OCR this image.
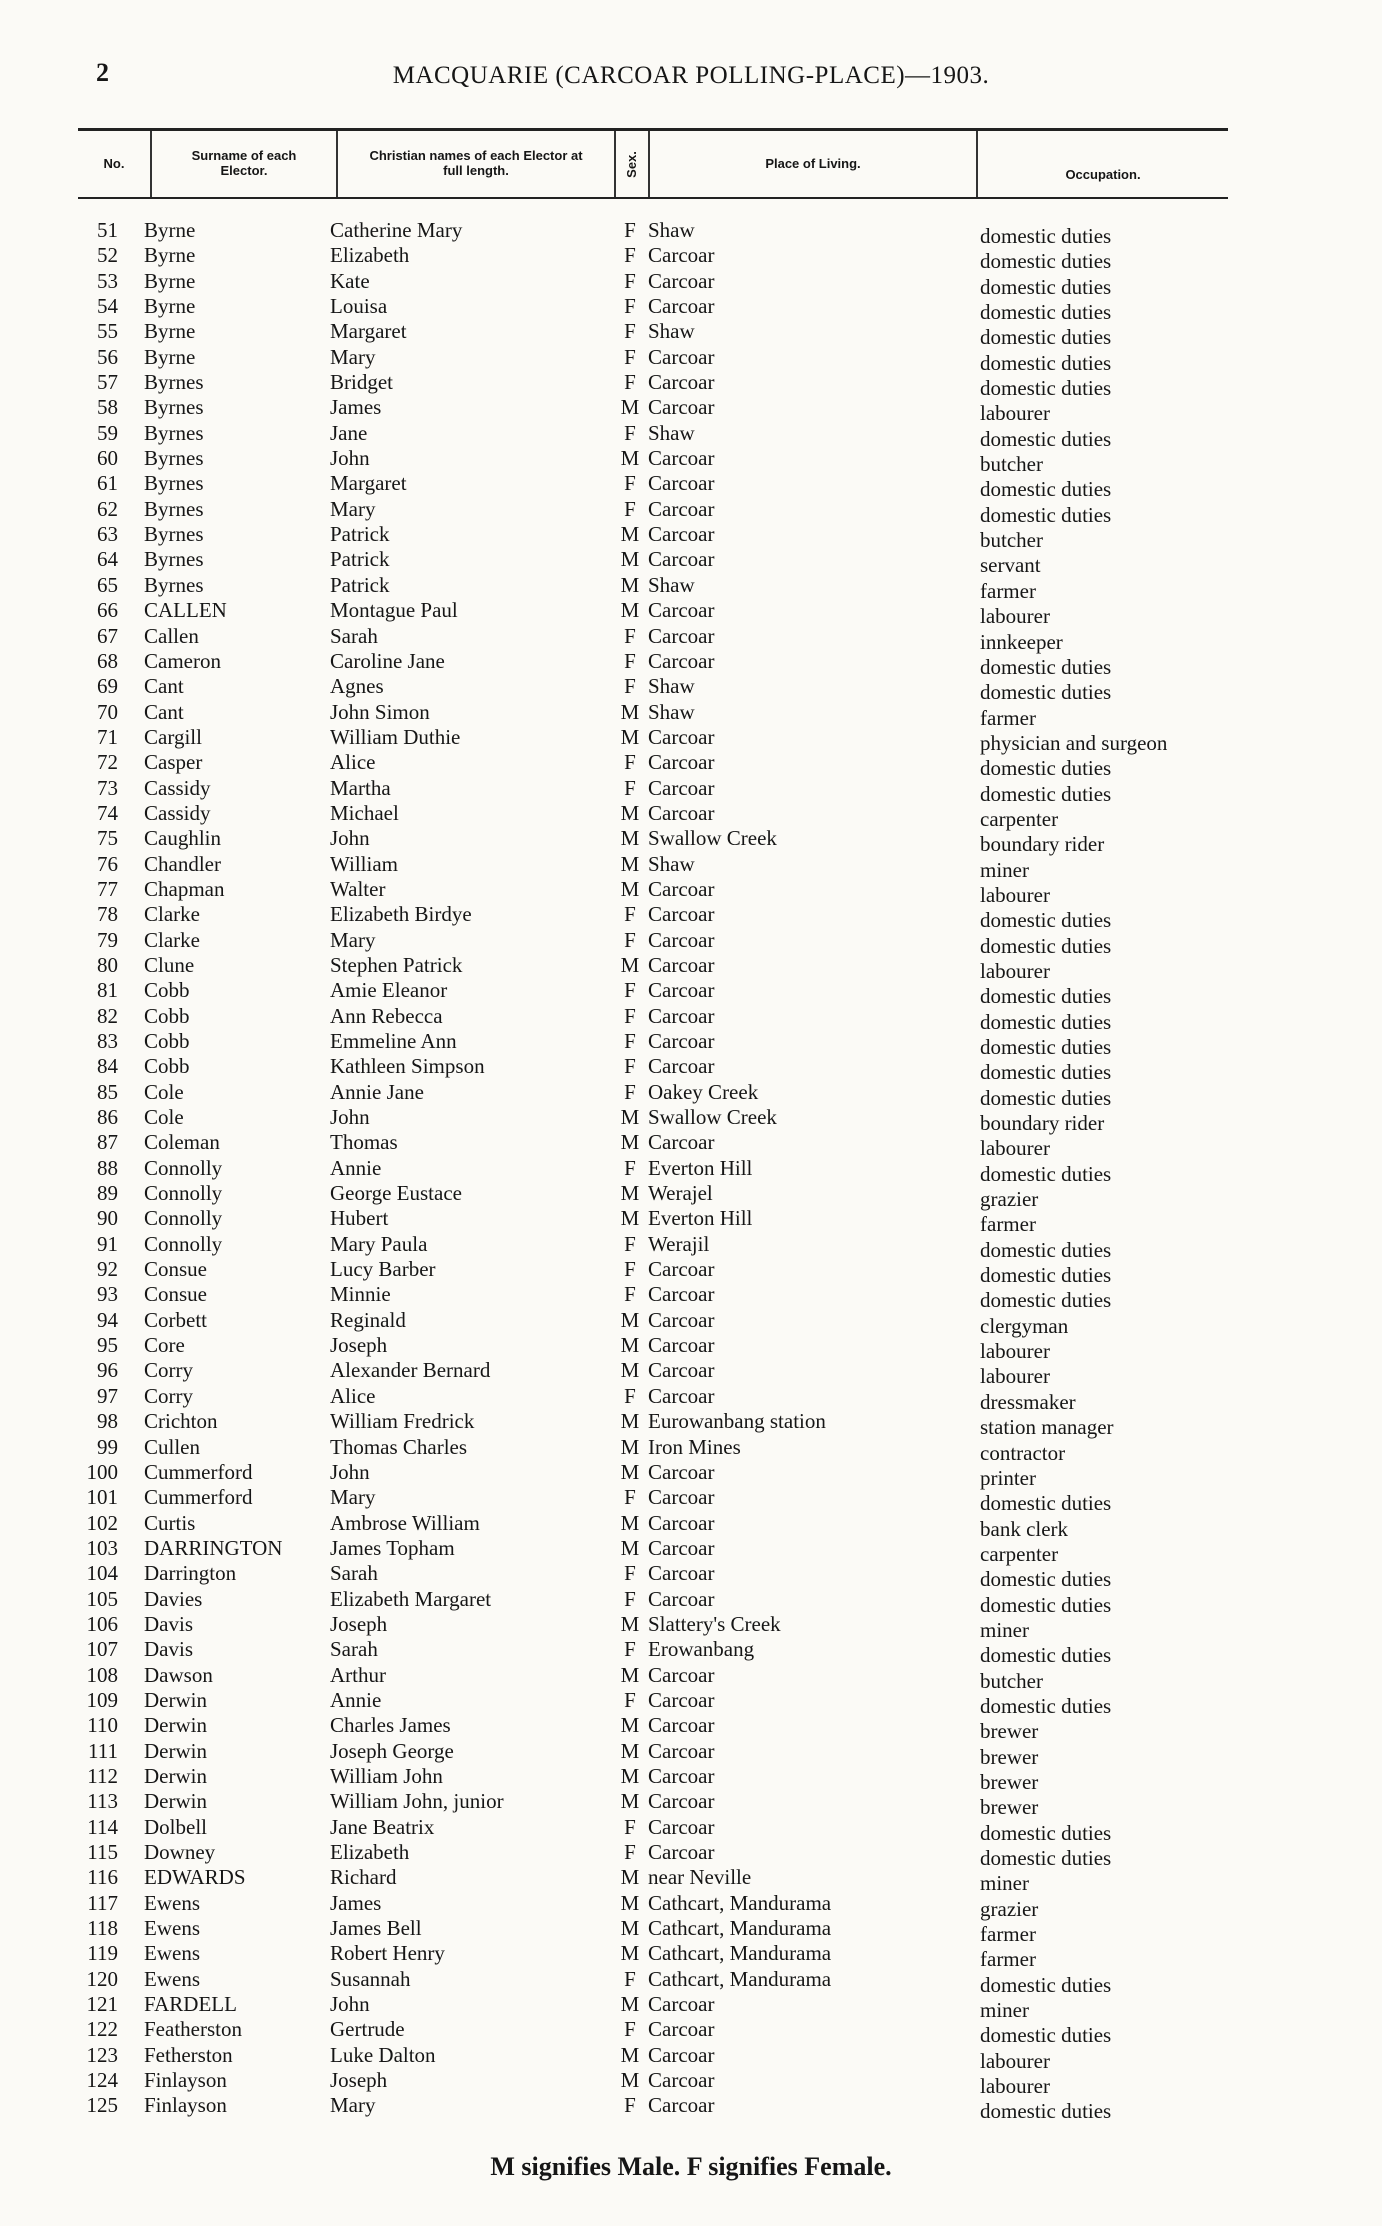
2	MACQUARIE (CARCOAR POLLING-PLACE)—1903.
No.	Surname of each Elector.
Christian names of each Elector at full length.	Sex.	Place of Living.
Occupation.
51 Byrne	Catherine Mary	F Shaw	domestic duties
52 Byrne	Elizabeth	F Carcoar	domestic duties
53 Byrne	Kate	F Carcoar	domestic duties
54 Byrne	Louisa	F Carcoar	domestic duties
55 Byrne	Margaret	F Shaw	domestic duties
56 Byrne	Mary	F Carcoar	domestic duties
57 Byrnes	Bridget	F Carcoar	domestic duties
58 Byrnes	James	M Carcoar	labourer
59 Byrnes	Jane	F Shaw	domestic duties
60 Byrnes	John	M Carcoar	butcher
61 Byrnes	Margaret	F Carcoar	domestic duties
62 Byrnes	Mary	F Carcoar	domestic duties
63 Byrnes	Patrick	M Carcoar	butcher
64 Byrnes	Patrick	M Carcoar	servant
65 Byrnes	Patrick	M Shaw	farmer
66 CALLEN	Montague Paul	M Carcoar	labourer
67 Callen	Sarah	F Carcoar	innkeeper
68 Cameron	Caroline Jane	F Carcoar	domestic duties
69 Cant	Agnes	F Shaw	domestic duties
70 Cant	John Simon	M Shaw	farmer
71 Cargill	William Duthie	M Carcoar	physician and surgeon
72 Casper	Alice	F Carcoar	domestic duties
73 Cassidy	Martha	F Carcoar	domestic duties
74 Cassidy	Michael	M Carcoar	carpenter
75 Caughlin	John	M Swallow Creek	boundary rider
76 Chandler	William	M Shaw	miner
77 Chapman	Walter	M Carcoar	labourer
78 Clarke	Elizabeth Birdye	F Carcoar	domestic duties
79 Clarke	Mary	F Carcoar	domestic duties
80 Clune	Stephen Patrick	M Carcoar	labourer
81 Cobb	Amie Eleanor	F Carcoar	domestic duties
82 Cobb	Ann Rebecca	F Carcoar	domestic duties
83 Cobb	Emmeline Ann	F Carcoar	domestic duties
84 Cobb	Kathleen Simpson	F Carcoar	domestic duties
85 Cole	Annie Jane	F Oakey Creek	domestic duties
86 Cole	John	M Swallow Creek	boundary rider
87 Coleman	Thomas	M Carcoar	labourer
88 Connolly	Annie	F Everton Hill	domestic duties
89 Connolly	George Eustace	M Werajel	grazier
90 Connolly	Hubert	M Everton Hill	farmer
91 Connolly	Mary Paula	F Werajil	domestic duties
92 Consue	Lucy Barber	F Carcoar	domestic duties
93 Consue	Minnie	F Carcoar	domestic duties
94 Corbett	Reginald	M Carcoar	clergyman
95 Core	Joseph	M Carcoar	labourer
96 Corry	Alexander Bernard	M Carcoar	labourer
97 Corry	Alice	F Carcoar	dressmaker
98 Crichton	William Fredrick	M Eurowanbang station	station manager
99 Cullen	Thomas Charles	M Iron Mines	contractor
100 Cummerford	John	M Carcoar	printer
101 Cummerford	Mary	F Carcoar	domestic duties
102 Curtis	Ambrose William	M Carcoar	bank clerk
103 DARRINGTON James Topham	M Carcoar	carpenter
104 Darrington	Sarah	F Carcoar	domestic duties
105 Davies	Elizabeth Margaret	F Carcoar	domestic duties
106 Davis	Joseph	M Slattery's Creek	miner
107 Davis	Sarah	F Erowanbang	domestic duties
108 Dawson	Arthur	M Carcoar	butcher
109 Derwin	Annie	F Carcoar	domestic duties
110 Derwin	Charles James	M Carcoar	brewer
111 Derwin	Joseph George	M Carcoar	brewer
112 Derwin	William John	M Carcoar	brewer
113 Derwin	William John, junior	M Carcoar	brewer
114 Dolbell	Jane Beatrix	F Carcoar	domestic duties
115 Downey	Elizabeth	F Carcoar	domestic duties
116 EDWARDS	Richard	M near Neville	miner
117 Ewens	James	M Cathcart, Mandurama	grazier
118 Ewens	James Bell	M Cathcart, Mandurama	farmer
119 Ewens	Robert Henry	M Cathcart, Mandurama	farmer
120 Ewens	Susannah	F Cathcart, Mandurama	domestic duties
121 FARDELL	John	M Carcoar	miner
122 Featherston	Gertrude	F Carcoar	domestic duties
123 Fetherston	Luke Dalton	M Carcoar	labourer
124 Finlayson	Joseph	M Carcoar	labourer
125 Finlayson	Mary	F Carcoar	domestic duties
M signifies Male. F signifies Female.
